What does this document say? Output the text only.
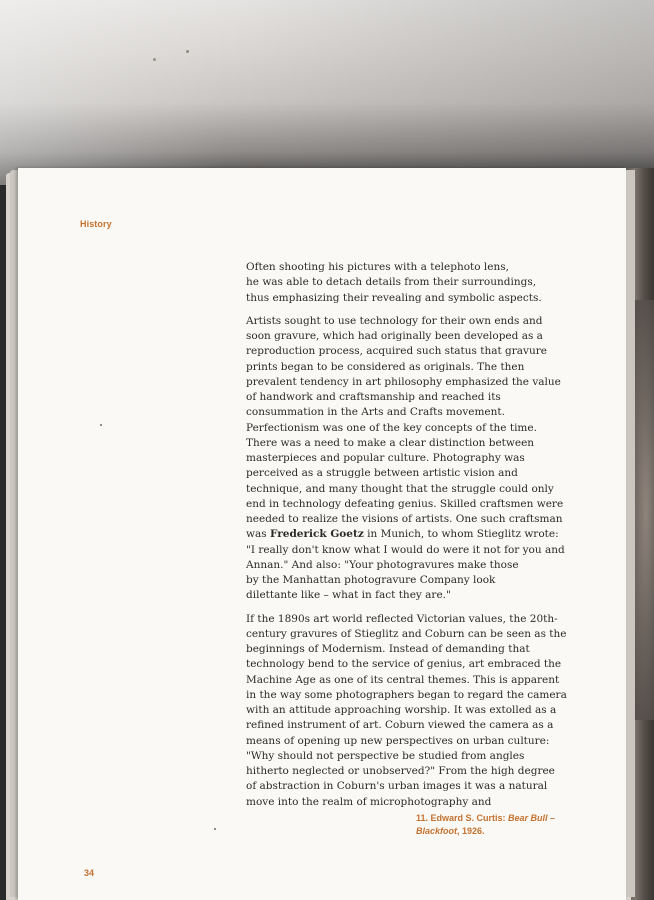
History

Often shooting his pictures with a telephoto lens,
he was able to detach details from their surroundings,
thus emphasizing their revealing and symbolic aspects.

Artists sought to use technology for their own ends and
soon gravure, which had originally been developed as a
reproduction process, acquired such status that gravure
prints began to be considered as originals. The then
prevalent tendency in art philosophy emphasized the value
of handwork and craftsmanship and reached its
consummation in the Arts and Crafts movement.
Perfectionism was one of the key concepts of the time.
There was a need to make a clear distinction between
masterpieces and popular culture. Photography was
perceived as a struggle between artistic vision and
technique, and many thought that the struggle could only
end in technology defeating genius. Skilled craftsmen were
needed to realize the visions of artists. One such craftsman
was Frederick Goetz in Munich, to whom Stieglitz wrote:
"I really don't know what I would do were it not for you and
Annan." And also: "Your photogravures make those
by the Manhattan photogravure Company look
dilettante like – what in fact they are."

If the 1890s art world reflected Victorian values, the 20th-
century gravures of Stieglitz and Coburn can be seen as the
beginnings of Modernism. Instead of demanding that
technology bend to the service of genius, art embraced the
Machine Age as one of its central themes. This is apparent
in the way some photographers began to regard the camera
with an attitude approaching worship. It was extolled as a
refined instrument of art. Coburn viewed the camera as a
means of opening up new perspectives on urban culture:
"Why should not perspective be studied from angles
hitherto neglected or unobserved?" From the high degree
of abstraction in Coburn's urban images it was a natural
move into the realm of microphotography and

11. Edward S. Curtis: Bear Bull –
Blackfoot, 1926.
34
